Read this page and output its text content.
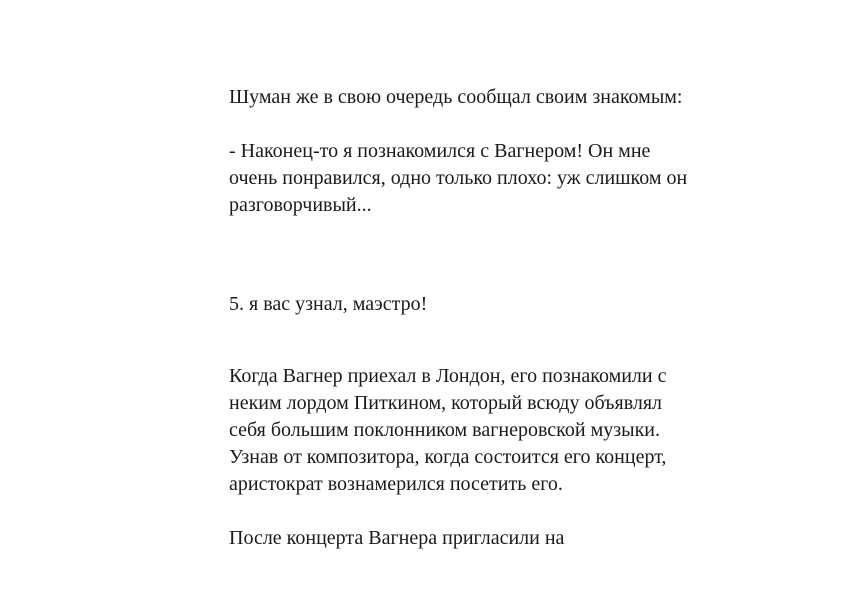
Шуман же в свою очередь сообщал своим знакомым:

- Наконец-то я познакомился с Вагнером! Он мне
очень понравился, одно только плохо: уж слишком он
разговорчивый...

5. я вас узнал, маэстро!

Когда Вагнер приехал в Лондон, его познакомили с
неким лордом Питкином, который всюду объявлял
себя большим поклонником вагнеровской музыки.
Узнав от композитора, когда состоится его концерт,
аристократ вознамерился посетить его.

После концерта Вагнера пригласили на
